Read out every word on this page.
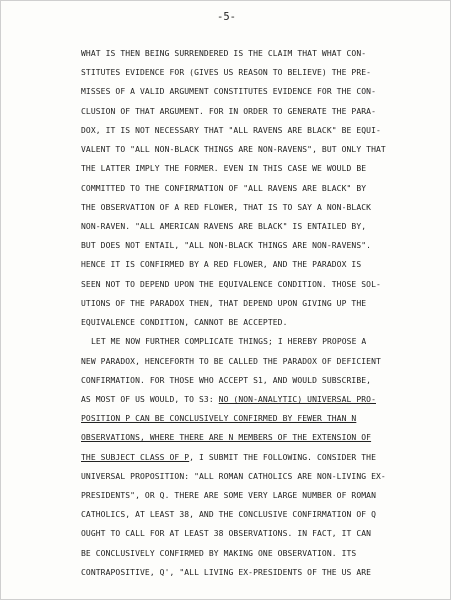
-5-
WHAT IS THEN BEING SURRENDERED IS THE CLAIM THAT WHAT CON-
STITUTES EVIDENCE FOR (GIVES US REASON TO BELIEVE) THE PRE-
MISSES OF A VALID ARGUMENT CONSTITUTES EVIDENCE FOR THE CON-
CLUSION OF THAT ARGUMENT. FOR IN ORDER TO GENERATE THE PARA-
DOX, IT IS NOT NECESSARY THAT "ALL RAVENS ARE BLACK" BE EQUI-
VALENT TO "ALL NON-BLACK THINGS ARE NON-RAVENS", BUT ONLY THAT
THE LATTER IMPLY THE FORMER. EVEN IN THIS CASE WE WOULD BE
COMMITTED TO THE CONFIRMATION OF "ALL RAVENS ARE BLACK" BY
THE OBSERVATION OF A RED FLOWER, THAT IS TO SAY A NON-BLACK
NON-RAVEN. "ALL AMERICAN RAVENS ARE BLACK" IS ENTAILED BY,
BUT DOES NOT ENTAIL, "ALL NON-BLACK THINGS ARE NON-RAVENS".
HENCE IT IS CONFIRMED BY A RED FLOWER, AND THE PARADOX IS
SEEN NOT TO DEPEND UPON THE EQUIVALENCE CONDITION. THOSE SOL-
UTIONS OF THE PARADOX THEN, THAT DEPEND UPON GIVING UP THE
EQUIVALENCE CONDITION, CANNOT BE ACCEPTED.
LET ME NOW FURTHER COMPLICATE THINGS; I HEREBY PROPOSE A
NEW PARADOX, HENCEFORTH TO BE CALLED THE PARADOX OF DEFICIENT
CONFIRMATION. FOR THOSE WHO ACCEPT S1, AND WOULD SUBSCRIBE,
AS MOST OF US WOULD, TO S3: NO (NON-ANALYTIC) UNIVERSAL PRO-
POSITION P CAN BE CONCLUSIVELY CONFIRMED BY FEWER THAN N
OBSERVATIONS, WHERE THERE ARE N MEMBERS OF THE EXTENSION OF
THE SUBJECT CLASS OF P, I SUBMIT THE FOLLOWING. CONSIDER THE
UNIVERSAL PROPOSITION: "ALL ROMAN CATHOLICS ARE NON-LIVING EX-
PRESIDENTS", OR Q. THERE ARE SOME VERY LARGE NUMBER OF ROMAN
CATHOLICS, AT LEAST 38, AND THE CONCLUSIVE CONFIRMATION OF Q
OUGHT TO CALL FOR AT LEAST 38 OBSERVATIONS. IN FACT, IT CAN
BE CONCLUSIVELY CONFIRMED BY MAKING ONE OBSERVATION. ITS
CONTRAPOSITIVE, Q', "ALL LIVING EX-PRESIDENTS OF THE US ARE
